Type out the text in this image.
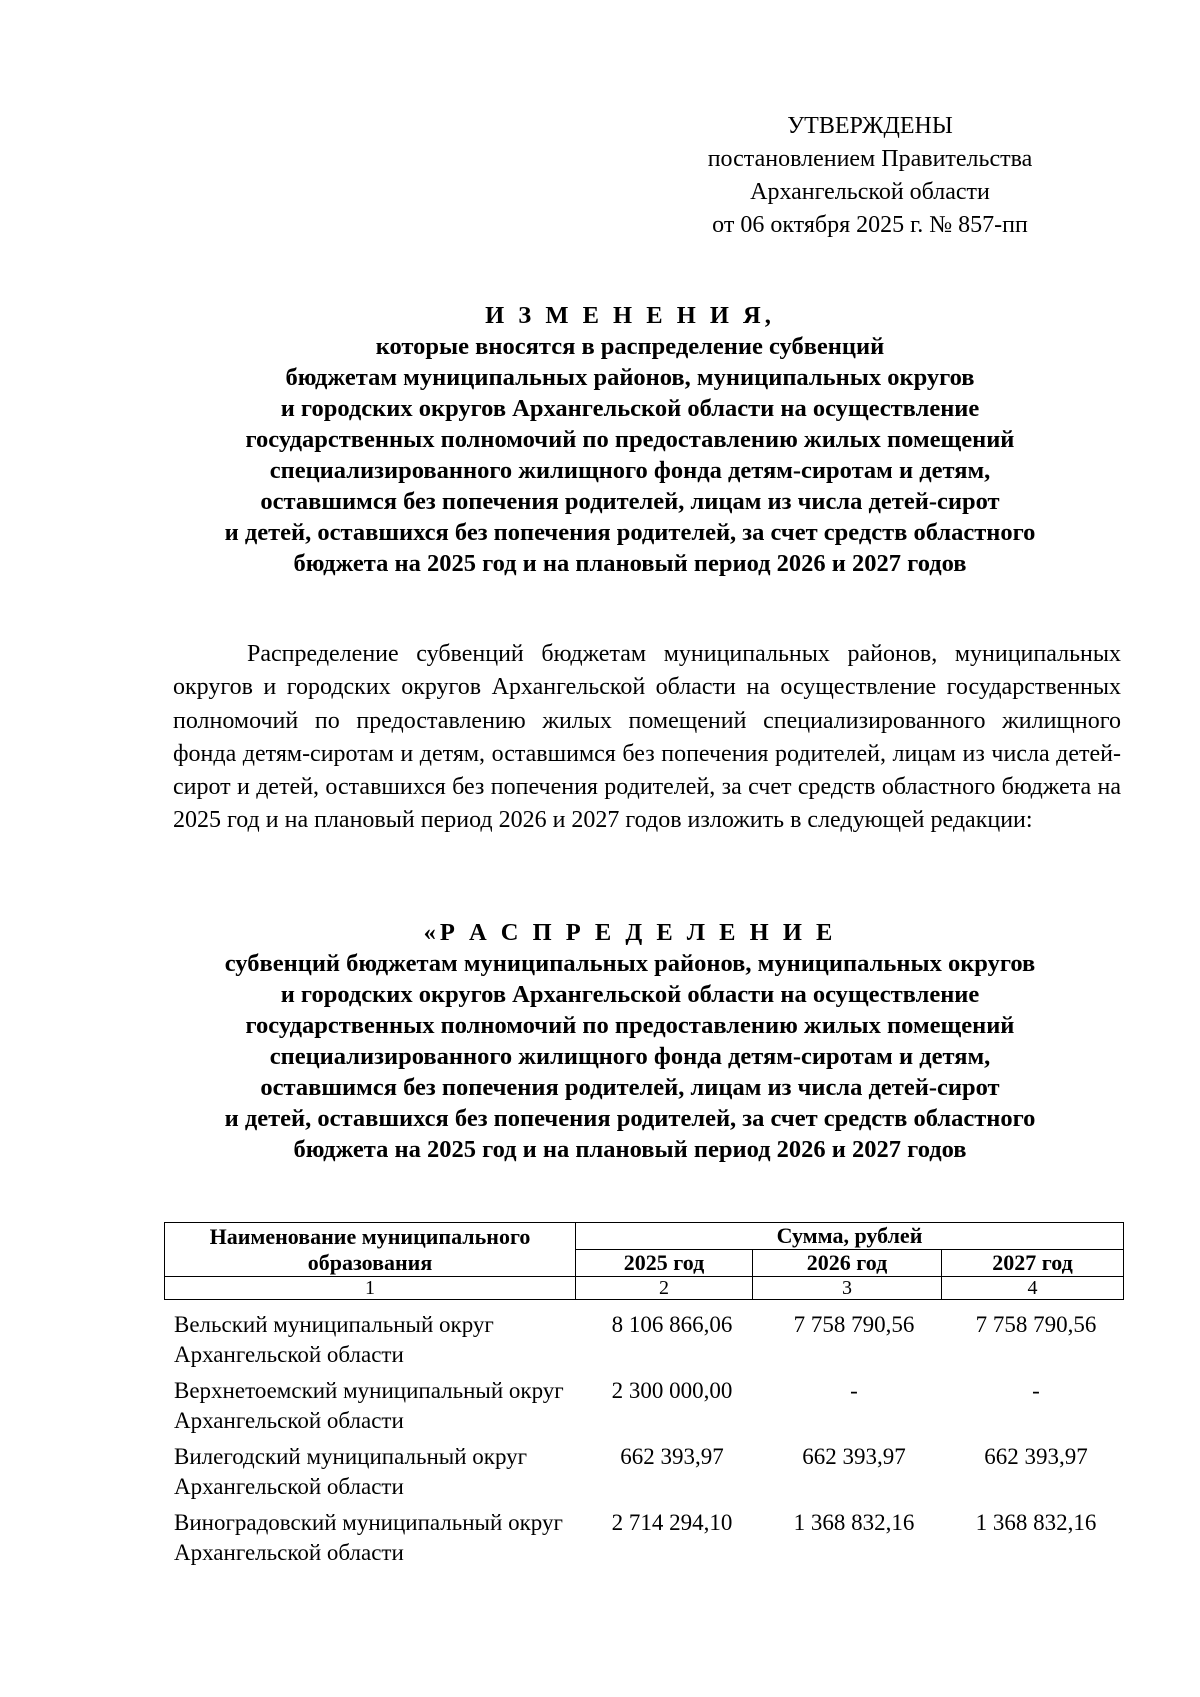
УТВЕРЖДЕНЫ
постановлением Правительства
Архангельской области
от 06 октября 2025 г. № 857-пп
И З М Е Н Е Н И Я,
которые вносятся в распределение субвенций
бюджетам муниципальных районов, муниципальных округов
и городских округов Архангельской области на осуществление
государственных полномочий по предоставлению жилых помещений
специализированного жилищного фонда детям-сиротам и детям,
оставшимся без попечения родителей, лицам из числа детей-сирот
и детей, оставшихся без попечения родителей, за счет средств областного
бюджета на 2025 год и на плановый период 2026 и 2027 годов
Распределение субвенций бюджетам муниципальных районов, муниципальных округов и городских округов Архангельской области на осуществление государственных полномочий по предоставлению жилых помещений специализированного жилищного фонда детям-сиротам и детям, оставшимся без попечения родителей, лицам из числа детей-сирот и детей, оставшихся без попечения родителей, за счет средств областного бюджета на 2025 год и на плановый период 2026 и 2027 годов изложить в следующей редакции:
«Р А С П Р Е Д Е Л Е Н И Е
субвенций бюджетам муниципальных районов, муниципальных округов
и городских округов Архангельской области на осуществление
государственных полномочий по предоставлению жилых помещений
специализированного жилищного фонда детям-сиротам и детям,
оставшимся без попечения родителей, лицам из числа детей-сирот
и детей, оставшихся без попечения родителей, за счет средств областного
бюджета на 2025 год и на плановый период 2026 и 2027 годов
Наименование муниципального образования	Сумма, рублей		
	2025 год	2026 год	2027 год
1	2	3	4
Вельский муниципальный округ Архангельской области	8 106 866,06	7 758 790,56	7 758 790,56
Верхнетоемский муниципальный округ Архангельской области	2 300 000,00	-	-
Вилегодский муниципальный округ Архангельской области	662 393,97	662 393,97	662 393,97
Виноградовский муниципальный округ Архангельской области	2 714 294,10	1 368 832,16	1 368 832,16
